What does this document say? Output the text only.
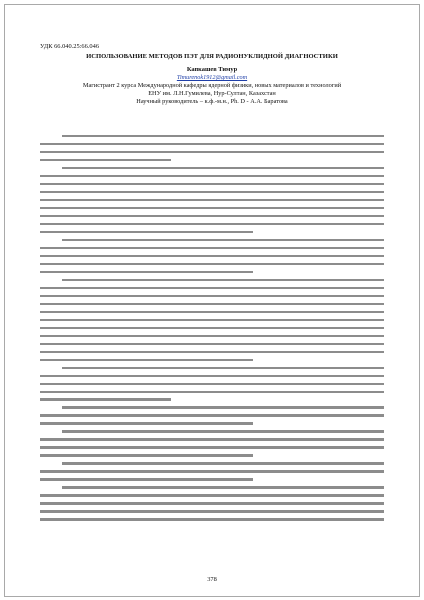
УДК 66.040.25:66.046
ИСПОЛЬЗОВАНИЕ МЕТОДОВ ПЭТ ДЛЯ РАДИОНУКЛИДНОЙ ДИАГНОСТИКИ
Капкашев Тимур
Timurenok1912@gmail.com
Магистрант 2 курса Международной кафедры ядерной физики, новых материалов и технологий
ЕНУ им. Л.Н.Гумилева, Нур-Султан, Казахстан
Научный руководитель – к.ф.-м.н., Ph. D - А.А. Баратова
378
